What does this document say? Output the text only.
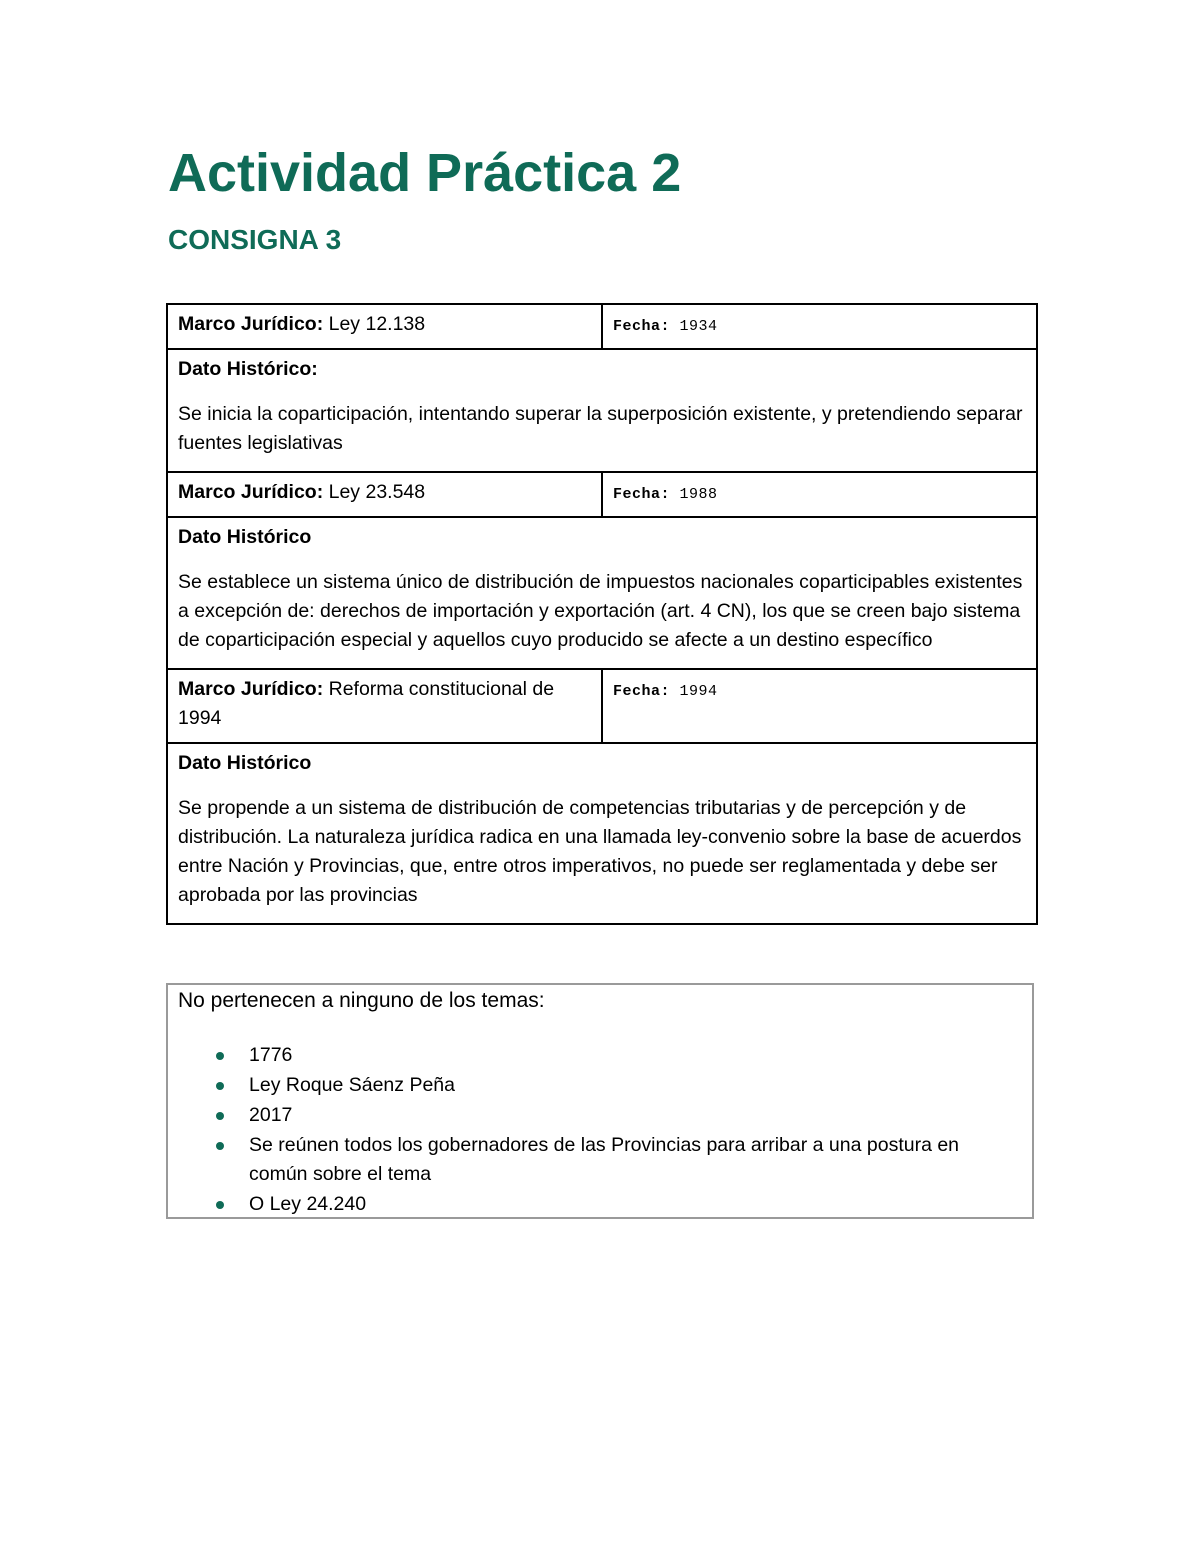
Actividad Práctica 2
CONSIGNA 3
Marco Jurídico: Ley 12.138	Fecha: 1934

Dato Histórico:
Se inicia la coparticipación, intentando superar la superposición existente, y pretendiendo separar fuentes legislativas	

Marco Jurídico: Ley 23.548	Fecha: 1988

Dato Histórico
Se establece un sistema único de distribución de impuestos nacionales coparticipables existentes a excepción de: derechos de importación y exportación (art. 4 CN), los que se creen bajo sistema de coparticipación especial y aquellos cuyo producido se afecte a un destino específico	

Marco Jurídico: Reforma constitucional de 1994	Fecha: 1994

Dato Histórico
Se propende a un sistema de distribución de competencias tributarias y de percepción y de distribución. La naturaleza jurídica radica en una llamada ley-convenio sobre la base de acuerdos entre Nación y Provincias, que, entre otros imperativos, no puede ser reglamentada y debe ser aprobada por las provincias	

No pertenecen a ninguno de los temas:

1776
Ley Roque Sáenz Peña
2017
Se reúnen todos los gobernadores de las Provincias para arribar a una postura en común sobre el tema
O Ley 24.240
